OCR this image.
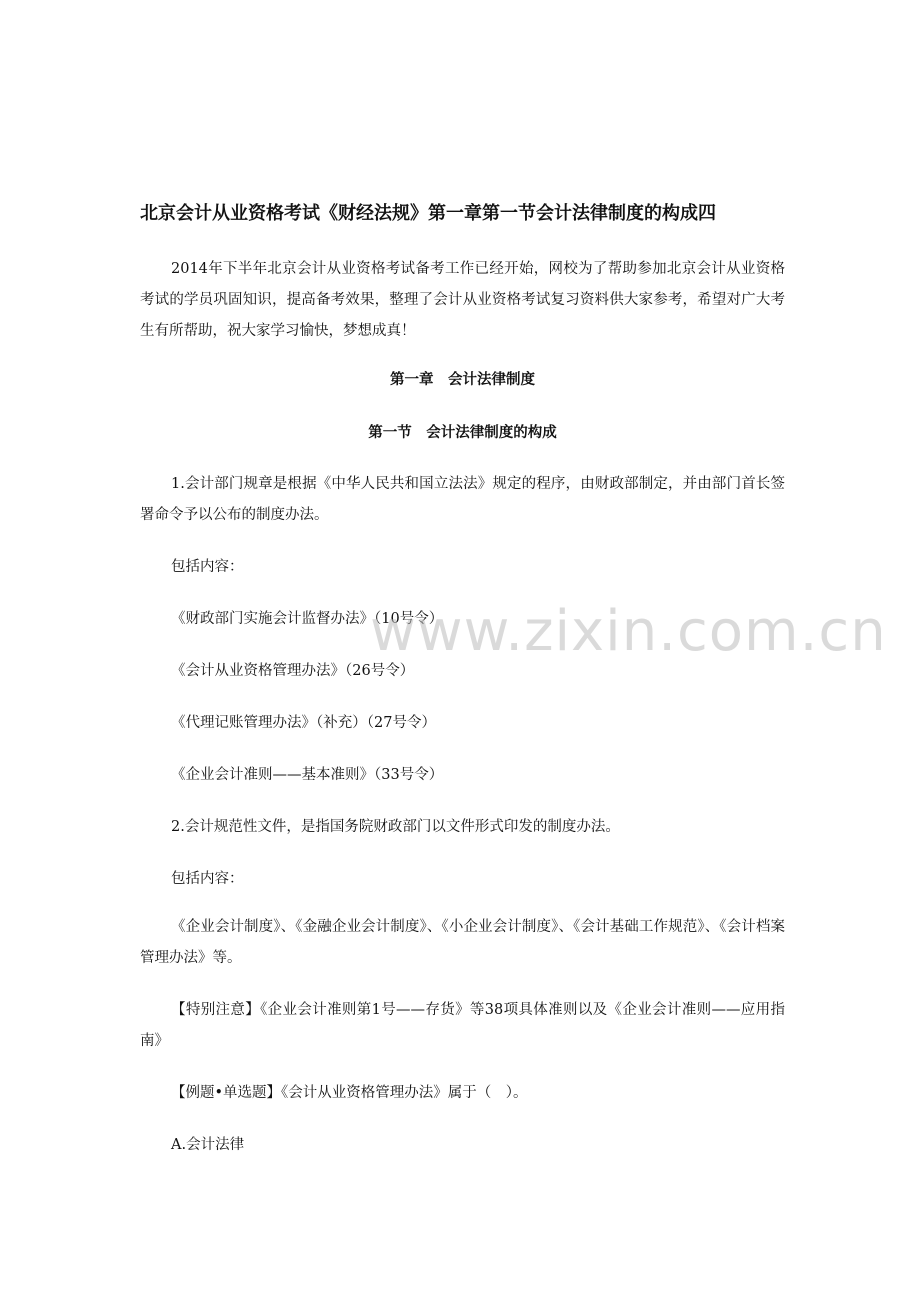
北京会计从业资格考试《财经法规》第一章第一节会计法律制度的构成四
2014年下半年北京会计从业资格考试备考工作已经开始，网校为了帮助参加北京会计从业资格考试的学员巩固知识，提高备考效果，整理了会计从业资格考试复习资料供大家参考，希望对广大考生有所帮助，祝大家学习愉快，梦想成真！
第一章　会计法律制度
第一节　会计法律制度的构成
1.会计部门规章是根据《中华人民共和国立法法》规定的程序，由财政部制定，并由部门首长签署命令予以公布的制度办法。
包括内容：
《财政部门实施会计监督办法》（10号令）
《会计从业资格管理办法》（26号令）
《代理记账管理办法》（补充）（27号令）
《企业会计准则——基本准则》（33号令）
2.会计规范性文件，是指国务院财政部门以文件形式印发的制度办法。
包括内容：
《企业会计制度》、《金融企业会计制度》、《小企业会计制度》、《会计基础工作规范》、《会计档案管理办法》等。
【特别注意】《企业会计准则第1号——存货》等38项具体准则以及《企业会计准则——应用指南》
【例题•单选题】《会计从业资格管理办法》属于（　）。
A.会计法律
www.zixin.com.cn
